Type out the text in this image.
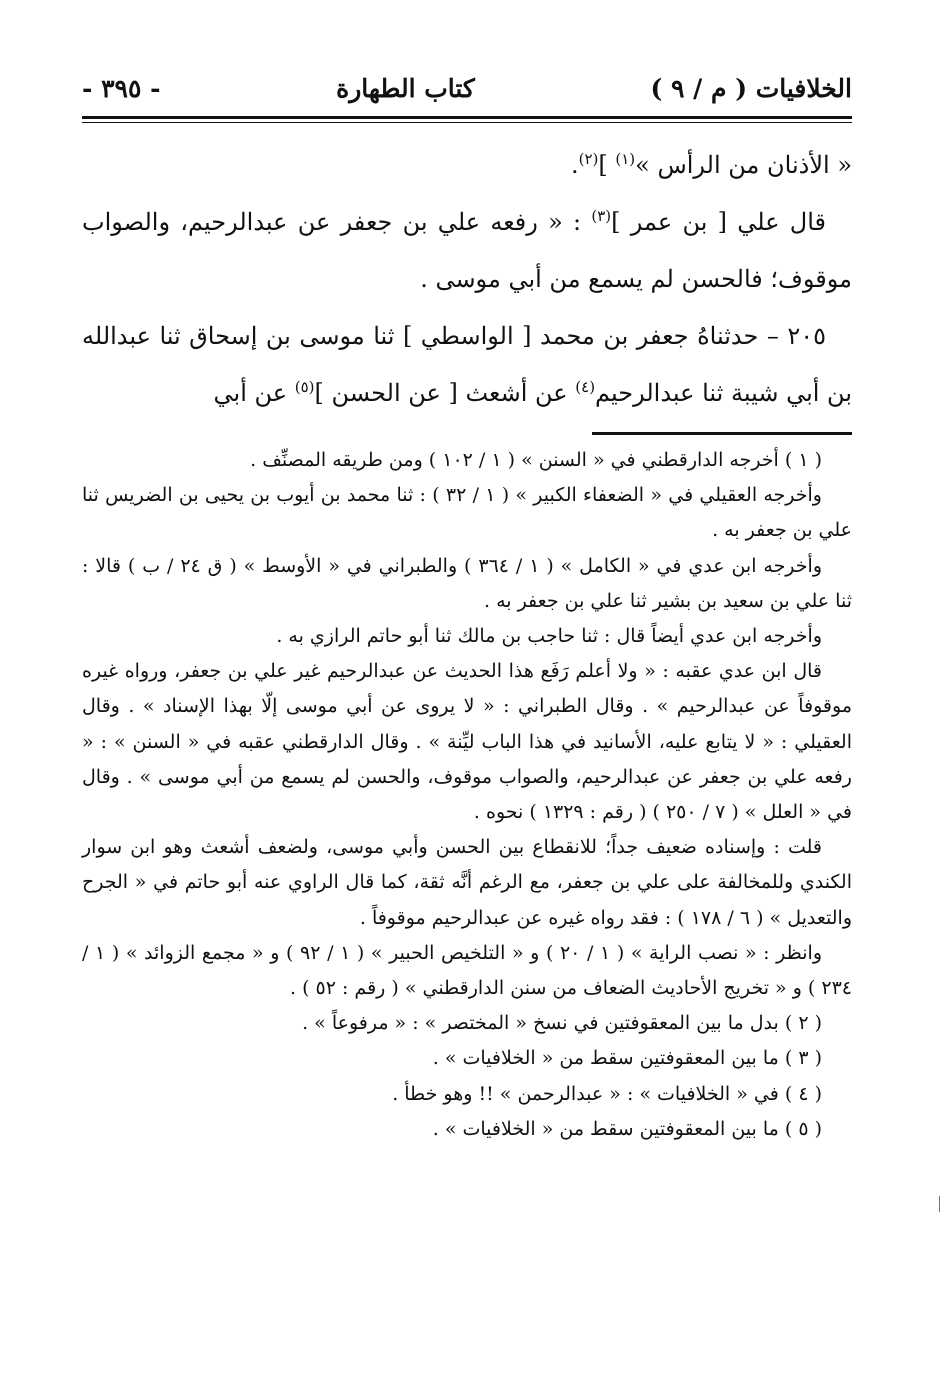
الخلافيات ( م / ٩ )
كتاب الطهارة
- ٣٩٥ -

« الأذنان من الرأس »$^{(١)}$ ]$^{(٢)}$.

قال علي [ بن عمر ]$^{(٣)}$ : « رفعه علي بن جعفر عن عبدالرحيم، والصواب موقوف؛ فالحسن لم يسمع من أبي موسى .

٢٠٥ – حدثناهُ جعفر بن محمد [ الواسطي ] ثنا موسى بن إسحاق ثنا عبدالله بن أبي شيبة ثنا عبدالرحيم$^{(٤)}$ عن أشعث [ عن الحسن ]$^{(٥)}$ عن أبي

( ١ ) أخرجه الدارقطني في « السنن » ( ١ / ١٠٢ ) ومن طريقه المصنِّف .

وأخرجه العقيلي في « الضعفاء الكبير » ( ١ / ٣٢ ) : ثنا محمد بن أيوب بن يحيى بن الضريس ثنا علي بن جعفر به .

وأخرجه ابن عدي في « الكامل » ( ١ / ٣٦٤ ) والطبراني في « الأوسط » ( ق ٢٤ / ب ) قالا : ثنا علي بن سعيد بن بشير ثنا علي بن جعفر به .

وأخرجه ابن عدي أيضاً قال : ثنا حاجب بن مالك ثنا أبو حاتم الرازي به .

قال ابن عدي عقبه : « ولا أعلم رَفَع هذا الحديث عن عبدالرحيم غير علي بن جعفر، ورواه غيره موقوفاً عن عبدالرحيم » . وقال الطبراني : « لا يروى عن أبي موسى إلّا بهذا الإسناد » . وقال العقيلي : « لا يتابع عليه، الأسانيد في هذا الباب ليِّنة » . وقال الدارقطني عقبه في « السنن » : « رفعه علي بن جعفر عن عبدالرحيم، والصواب موقوف، والحسن لم يسمع من أبي موسى » . وقال في « العلل » ( ٧ / ٢٥٠ ) ( رقم : ١٣٢٩ ) نحوه .

قلت : وإسناده ضعيف جداً؛ للانقطاع بين الحسن وأبي موسى، ولضعف أشعث وهو ابن سوار الكندي وللمخالفة على علي بن جعفر، مع الرغم أنَّه ثقة، كما قال الراوي عنه أبو حاتم في « الجرح والتعديل » ( ٦ / ١٧٨ ) : فقد رواه غيره عن عبدالرحيم موقوفاً .

وانظر : « نصب الراية » ( ١ / ٢٠ ) و « التلخيص الحبير » ( ١ / ٩٢ ) و « مجمع الزوائد » ( ١ / ٢٣٤ ) و « تخريج الأحاديث الضعاف من سنن الدارقطني » ( رقم : ٥٢ ) .

( ٢ ) بدل ما بين المعقوفتين في نسخ « المختصر » : « مرفوعاً » .

( ٣ ) ما بين المعقوفتين سقط من « الخلافيات » .

( ٤ ) في « الخلافيات » : « عبدالرحمن » !! وهو خطأ .

( ٥ ) ما بين المعقوفتين سقط من « الخلافيات » .
